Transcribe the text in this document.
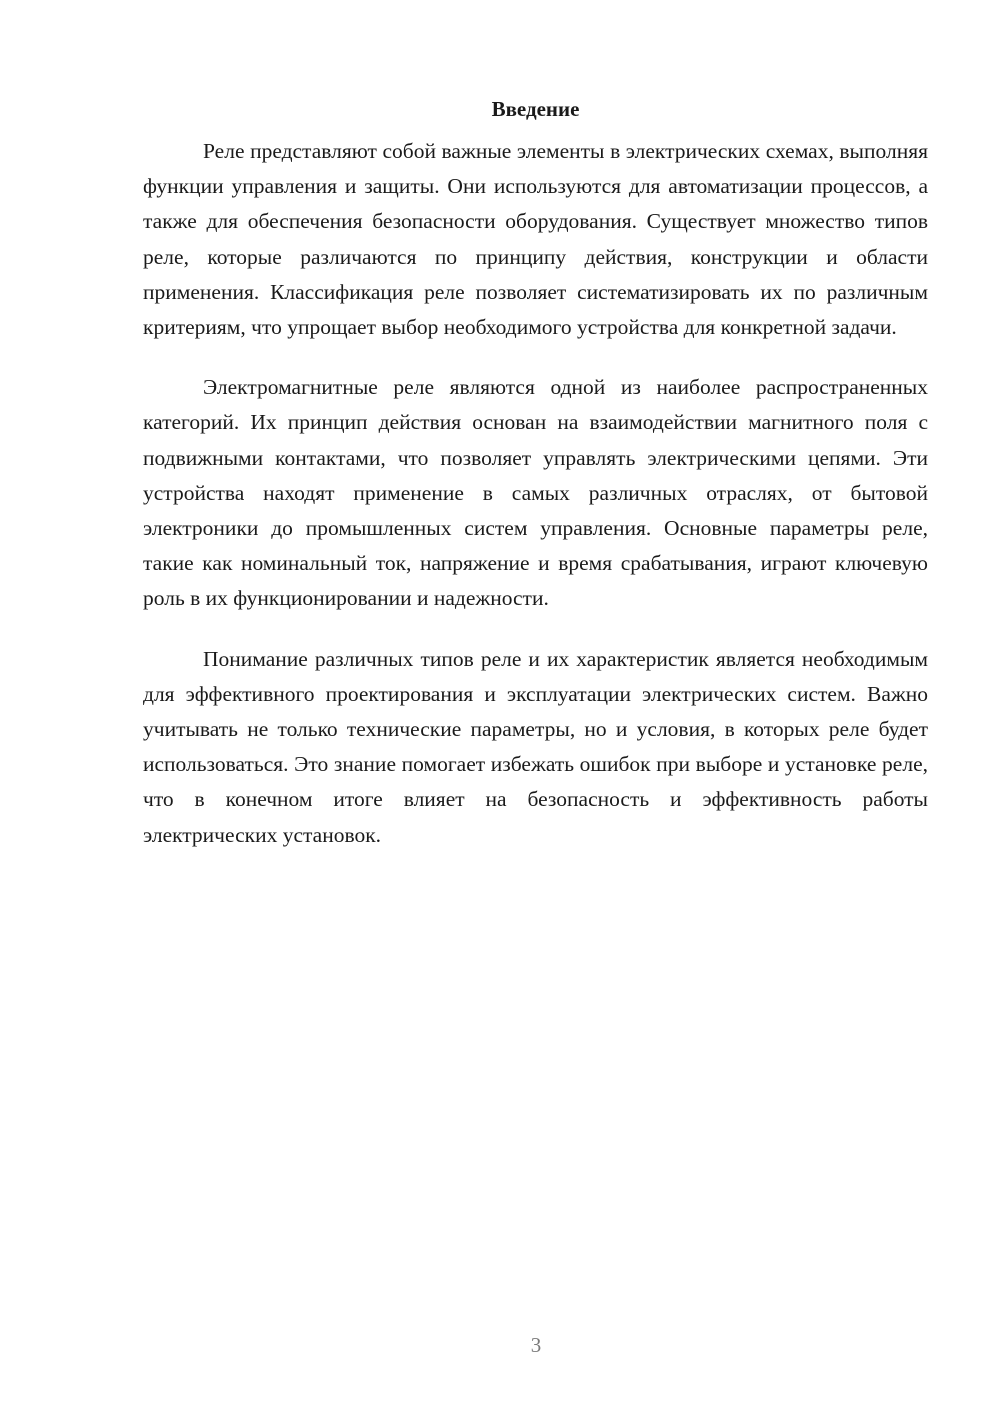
Введение

Реле представляют собой важные элементы в электрических схемах, выполняя функции управления и защиты. Они используются для автоматизации процессов, а также для обеспечения безопасности оборудования. Существует множество типов реле, которые различаются по принципу действия, конструкции и области применения. Классификация реле позволяет систематизировать их по различным критериям, что упрощает выбор необходимого устройства для конкретной задачи.

Электромагнитные реле являются одной из наиболее распространенных категорий. Их принцип действия основан на взаимодействии магнитного поля с подвижными контактами, что позволяет управлять электрическими цепями. Эти устройства находят применение в самых различных отраслях, от бытовой электроники до промышленных систем управления. Основные параметры реле, такие как номинальный ток, напряжение и время срабатывания, играют ключевую роль в их функционировании и надежности.

Понимание различных типов реле и их характеристик является необходимым для эффективного проектирования и эксплуатации электрических систем. Важно учитывать не только технические параметры, но и условия, в которых реле будет использоваться. Это знание помогает избежать ошибок при выборе и установке реле, что в конечном итоге влияет на безопасность и эффективность работы электрических установок.

3
